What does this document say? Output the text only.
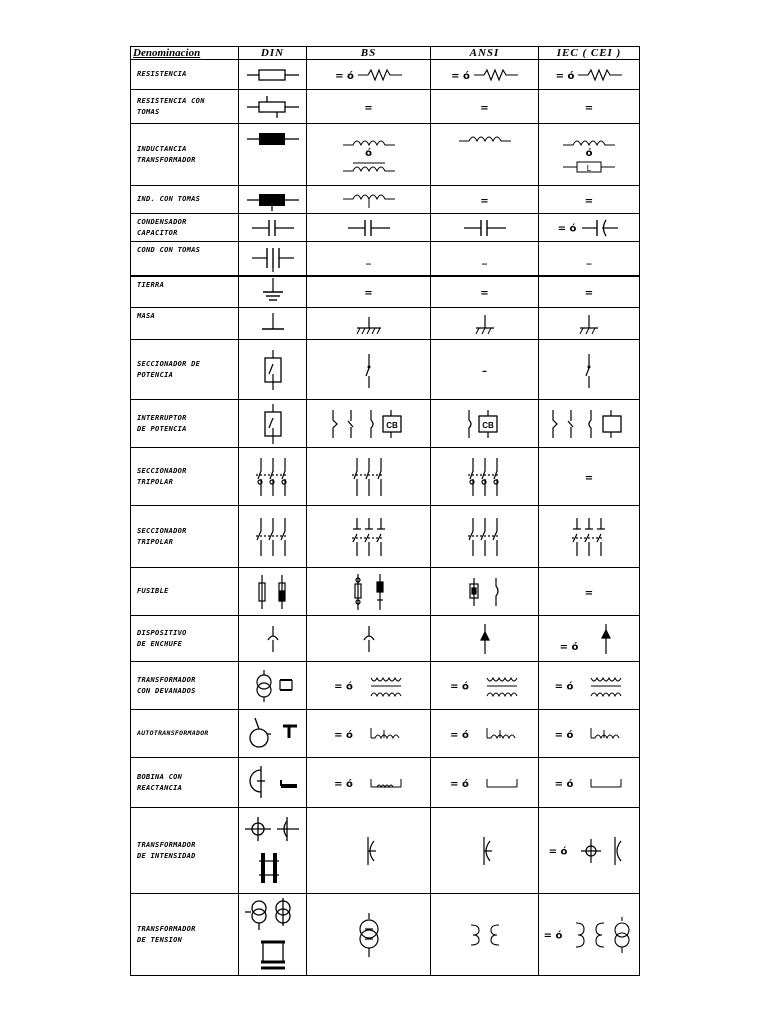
Denominacion	DIN	BS	ANSI	IEC ( CEI )
RESISTENCIA		= ó	= ó	= ó
RESISTENCIA CON
TOMAS		=	=	=
INDUCTANCIA
TRANSFORMADOR		ó		ó
L

IND. CON TOMAS			=	=
CONDENSADOR
CAPACITOR				= ó
COND CON TOMAS		_	_	_
TIERRA		=	=	=
MASA	

SECCIONADOR DE
POTENCIA			–	

INTERRUPTOR
DE POTENCIA		CB	CB

SECCIONADOR
TRIPOLAR				=
SECCIONADOR
TRIPOLAR	

FUSIBLE				=
DISPOSITIVO
DE ENCHUFE				$_{= ó}$
TRANSFORMADOR
CON DEVANADOS		= ó	= ó	= ó
AUTOTRANSFORMADOR		= ó	= ó	= ó
BOBINA CON
REACTANCIA		= ó	= ó	= ó
TRANSFORMADOR
DE INTENSIDAD				= ó
TRANSFORMADOR
DE TENSION				= ó
